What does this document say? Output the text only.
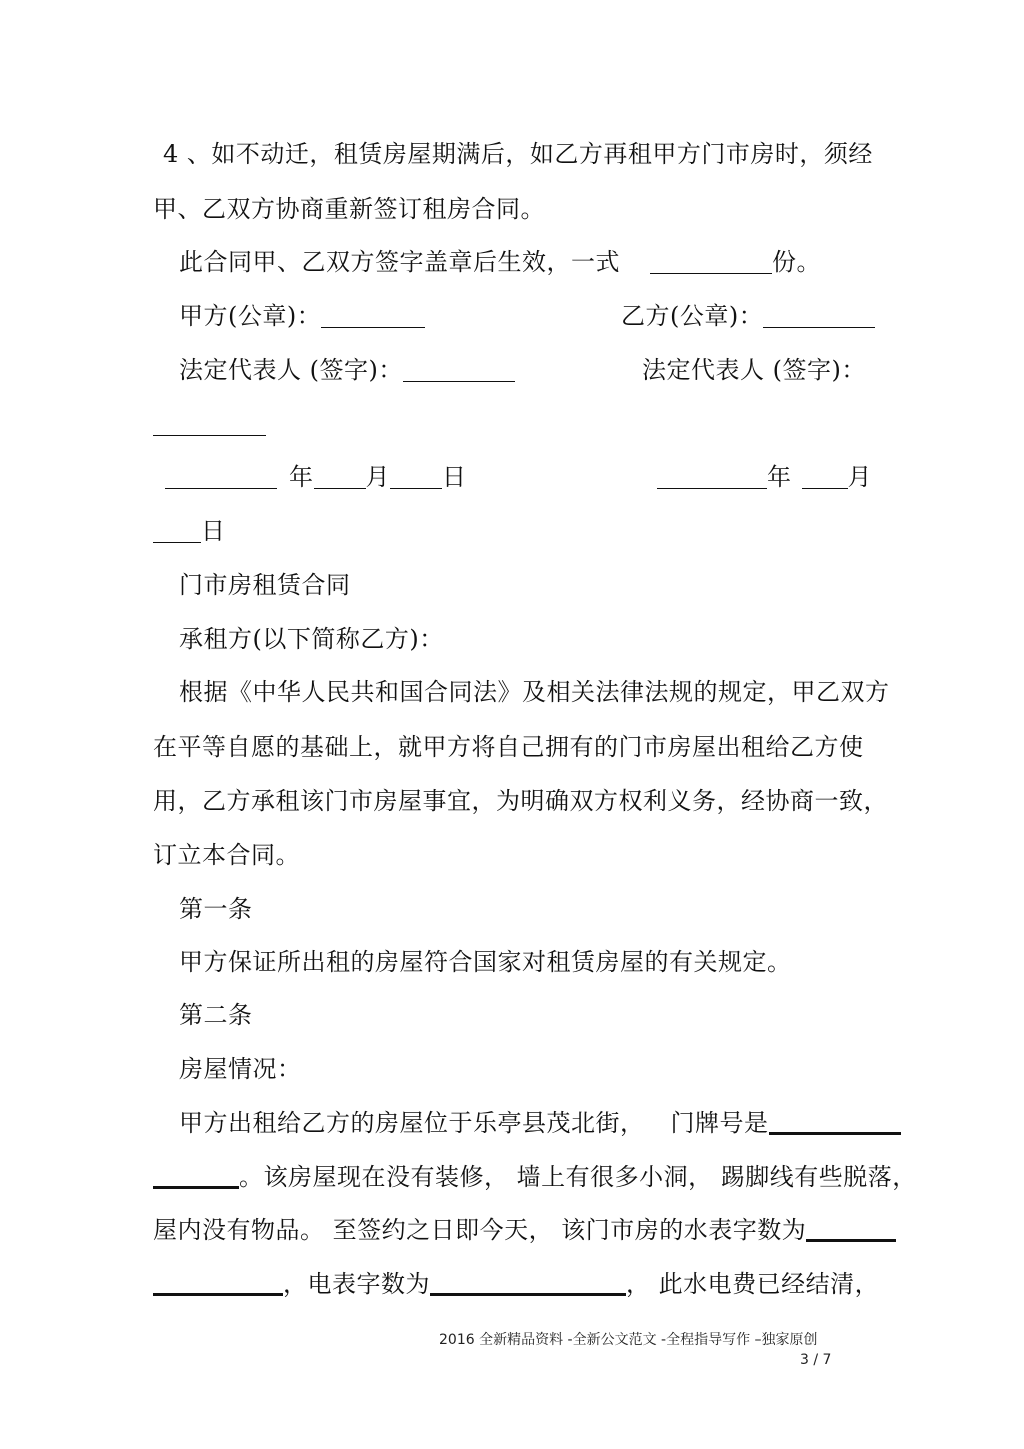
4 、如不动迁，租赁房屋期满后，如乙方再租甲方门市房时，须经
甲、乙双方协商重新签订租房合同。
此合同甲、乙双方签字盖章后生效，一式	份。
甲方(公章)：	乙方(公章)：
法定代表人 (签字)：	法定代表人 (签字)：
年 月 日	年 月
日
门市房租赁合同
承租方(以下简称乙方)：
根据《中华人民共和国合同法》及相关法律法规的规定，甲乙双方
在平等自愿的基础上，就甲方将自己拥有的门市房屋出租给乙方使
用，乙方承租该门市房屋事宜，为明确双方权利义务，经协商一致，
订立本合同。
第一条
甲方保证所出租的房屋符合国家对租赁房屋的有关规定。
第二条
房屋情况：
甲方出租给乙方的房屋位于乐亭县茂北街， 门牌号是
。该房屋现在没有装修， 墙上有很多小洞， 踢脚线有些脱落，
屋内没有物品。 至签约之日即今天， 该门市房的水表字数为
，电表字数为	， 此水电费已经结清，
2016 全新精品资料 -全新公文范文 -全程指导写作 –独家原创
3 / 7
